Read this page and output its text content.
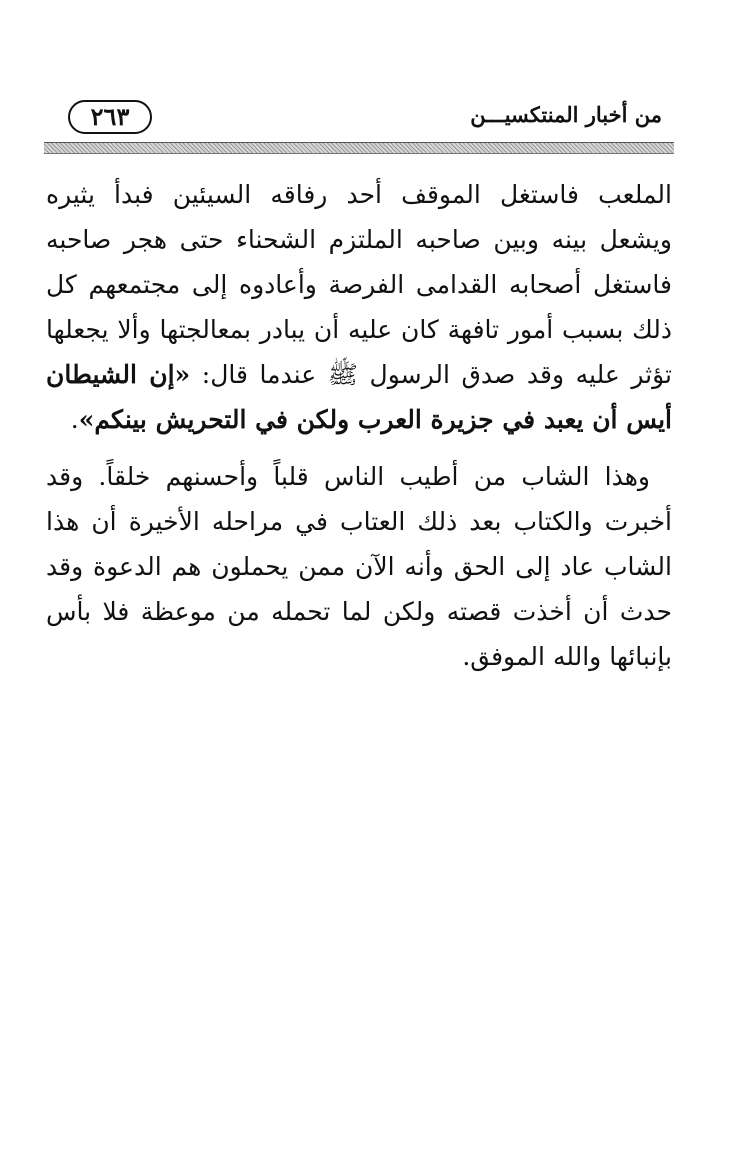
٢٦٣	من أخبار المنتكسيـــن

الملعب فاستغل الموقف أحد رفاقه السيئين فبدأ يثيره ويشعل بينه وبين صاحبه الملتزم الشحناء حتى هجر صاحبه فاستغل أصحابه القدامى الفرصة وأعادوه إلى مجتمعهم كل ذلك بسبب أمور تافهة كان عليه أن يبادر بمعالجتها وألا يجعلها تؤثر عليه وقد صدق الرسول ﷺ عندما قال: «إن الشيطان أيس أن يعبد في جزيرة العرب ولكن في التحريش بينكم».

وهذا الشاب من أطيب الناس قلباً وأحسنهم خلقاً. وقد أخبرت والكتاب بعد ذلك العتاب في مراحله الأخيرة أن هذا الشاب عاد إلى الحق وأنه الآن ممن يحملون هم الدعوة وقد حدث أن أخذت قصته ولكن لما تحمله من موعظة فلا بأس بإنبائها والله الموفق.
